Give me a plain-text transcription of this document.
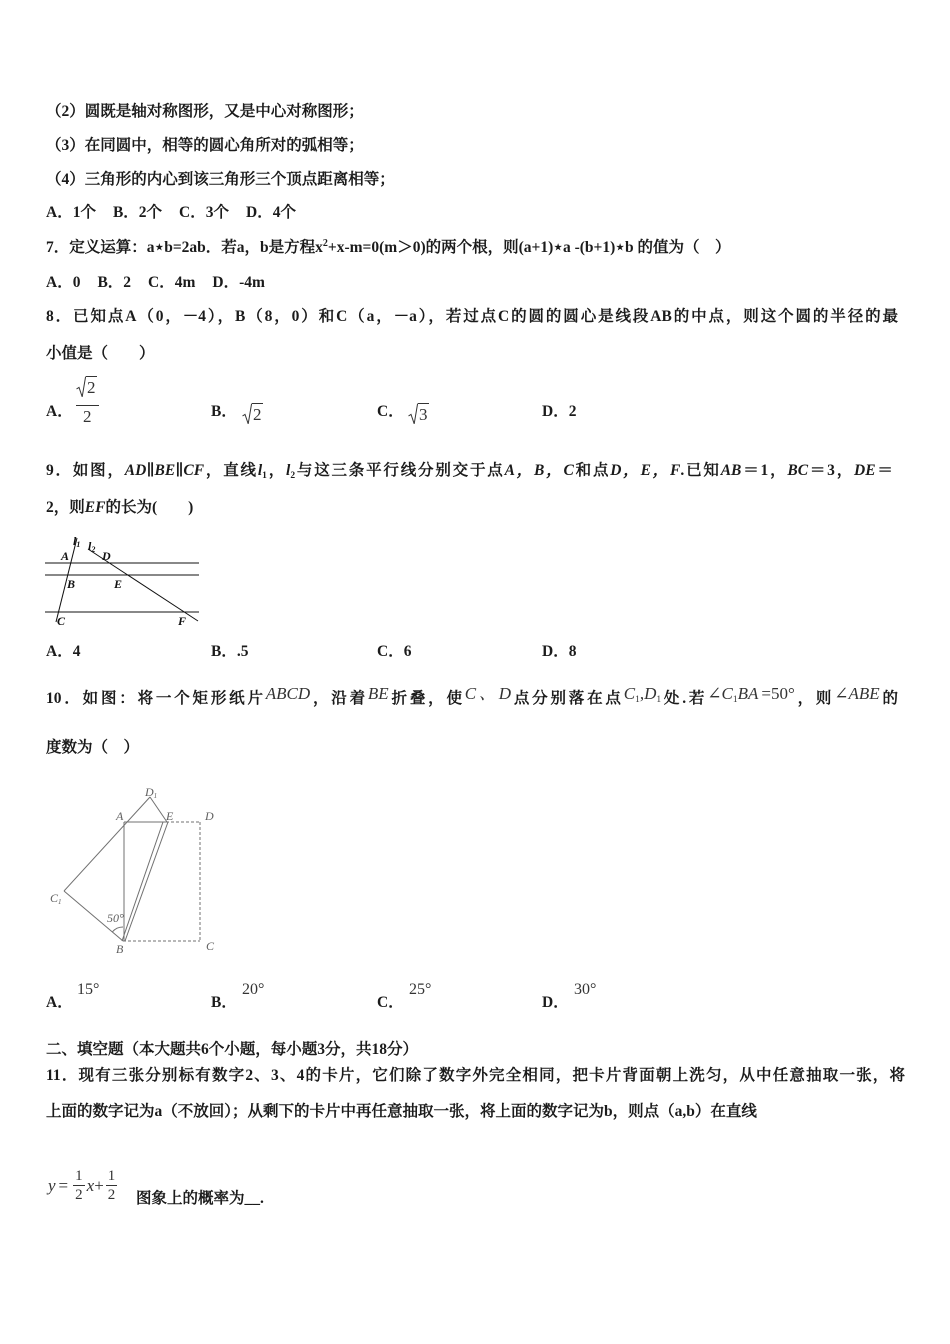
（2）圆既是轴对称图形，又是中心对称图形；
（3）在同圆中，相等的圆心角所对的弧相等；
（4）三角形的内心到该三角形三个顶点距离相等；
A．1个 B．2个 C．3个 D．4个
7．定义运算：a⋆b=2ab．若a，b是方程$x^2+x-m=0(m>0)$的两个根，则(a+1)⋆a -(b+1)⋆b 的值为（　）
A．0 B．2 C．4m D．-4m
8．已知点A（0，－4），B（8，0）和C（a，－a），若过点C的圆的圆心是线段AB的中点，则这个圆的半径的最
小值是（　　）
A． $\frac{2}{2}$	B． 2	C． 3	D．2
9．如图，AD∥BE∥CF，直线$l_1$，$l_2$与这三条平行线分别交于点A，B，C和点D，E，F.已知AB＝1，BC＝3，DE＝
2，则EF的长为(　　)
l1 l2
A	D
B	E
C	F
A．4	B．.5	C．6	D．8
10．如图：将一个矩形纸片ABCD，沿着BE折叠，使C、D点分别落在点$C_1,D_1$处.若$\angle C_1BA =50^\circ$，则∠ABE的
度数为（　）
D1
A	E	D
C1
50°
B	C
A．
15°
B．
20°
C．
25°
D．
30°
二、填空题（本大题共6个小题，每小题3分，共18分）
11．现有三张分别标有数字2、3、4的卡片，它们除了数字外完全相同，把卡片背面朝上洗匀，从中任意抽取一张，将
上面的数字记为a（不放回）；从剩下的卡片中再任意抽取一张，将上面的数字记为b，则点（a,b）在直线
$y = \frac{1}{2}$ $x + \frac{1}{2}$ 图象上的概率为__.
